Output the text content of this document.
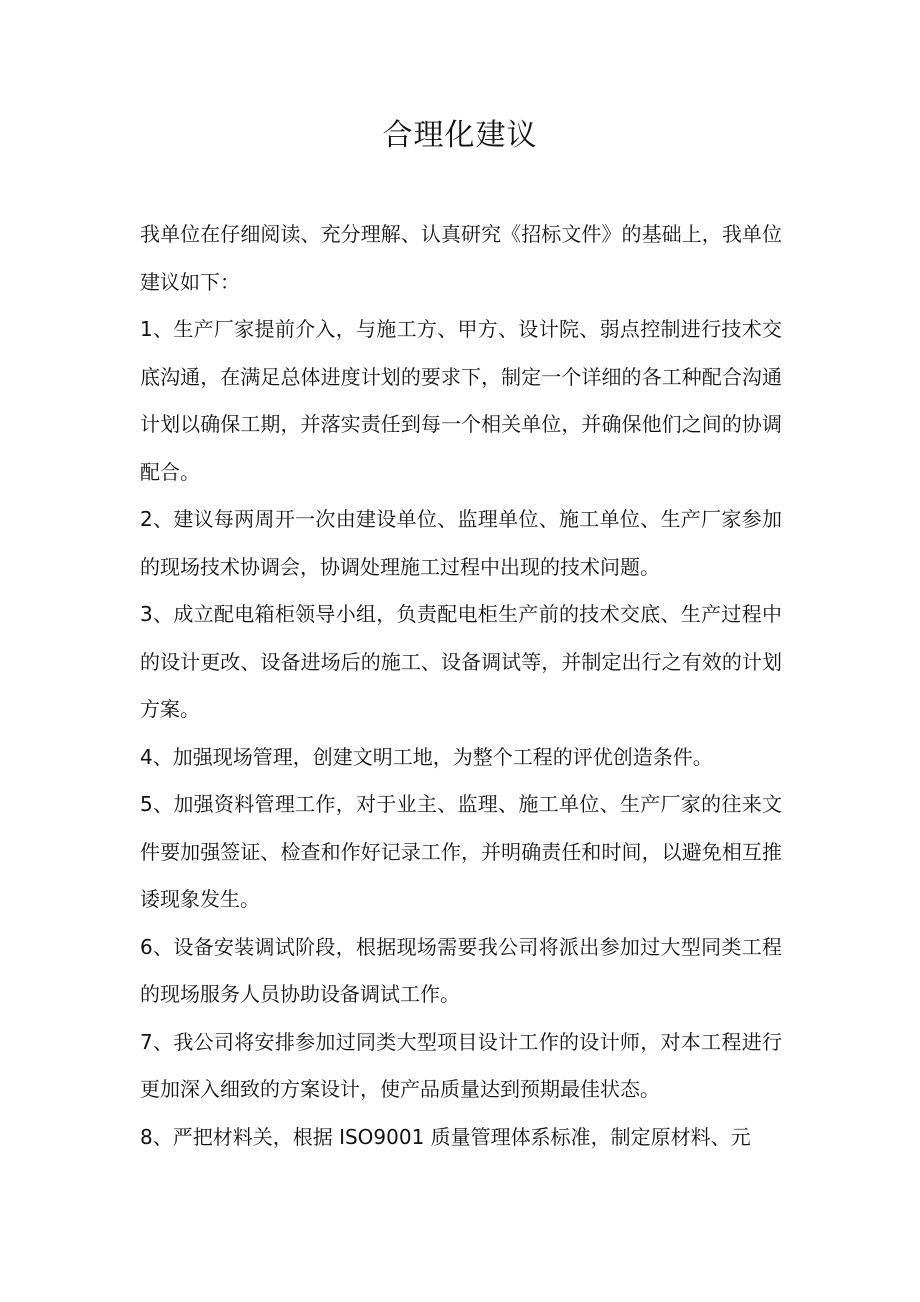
合理化建议

我单位在仔细阅读、充分理解、认真研究《招标文件》的基础上，我单位建议如下：

1、生产厂家提前介入，与施工方、甲方、设计院、弱点控制进行技术交底沟通，在满足总体进度计划的要求下，制定一个详细的各工种配合沟通计划以确保工期，并落实责任到每一个相关单位，并确保他们之间的协调配合。

2、建议每两周开一次由建设单位、监理单位、施工单位、生产厂家参加的现场技术协调会，协调处理施工过程中出现的技术问题。

3、成立配电箱柜领导小组，负责配电柜生产前的技术交底、生产过程中的设计更改、设备进场后的施工、设备调试等，并制定出行之有效的计划方案。

4、加强现场管理，创建文明工地，为整个工程的评优创造条件。

5、加强资料管理工作，对于业主、监理、施工单位、生产厂家的往来文件要加强签证、检查和作好记录工作，并明确责任和时间，以避免相互推诿现象发生。

6、设备安装调试阶段，根据现场需要我公司将派出参加过大型同类工程的现场服务人员协助设备调试工作。

7、我公司将安排参加过同类大型项目设计工作的设计师，对本工程进行更加深入细致的方案设计，使产品质量达到预期最佳状态。

8、严把材料关，根据 ISO9001 质量管理体系标准，制定原材料、元
